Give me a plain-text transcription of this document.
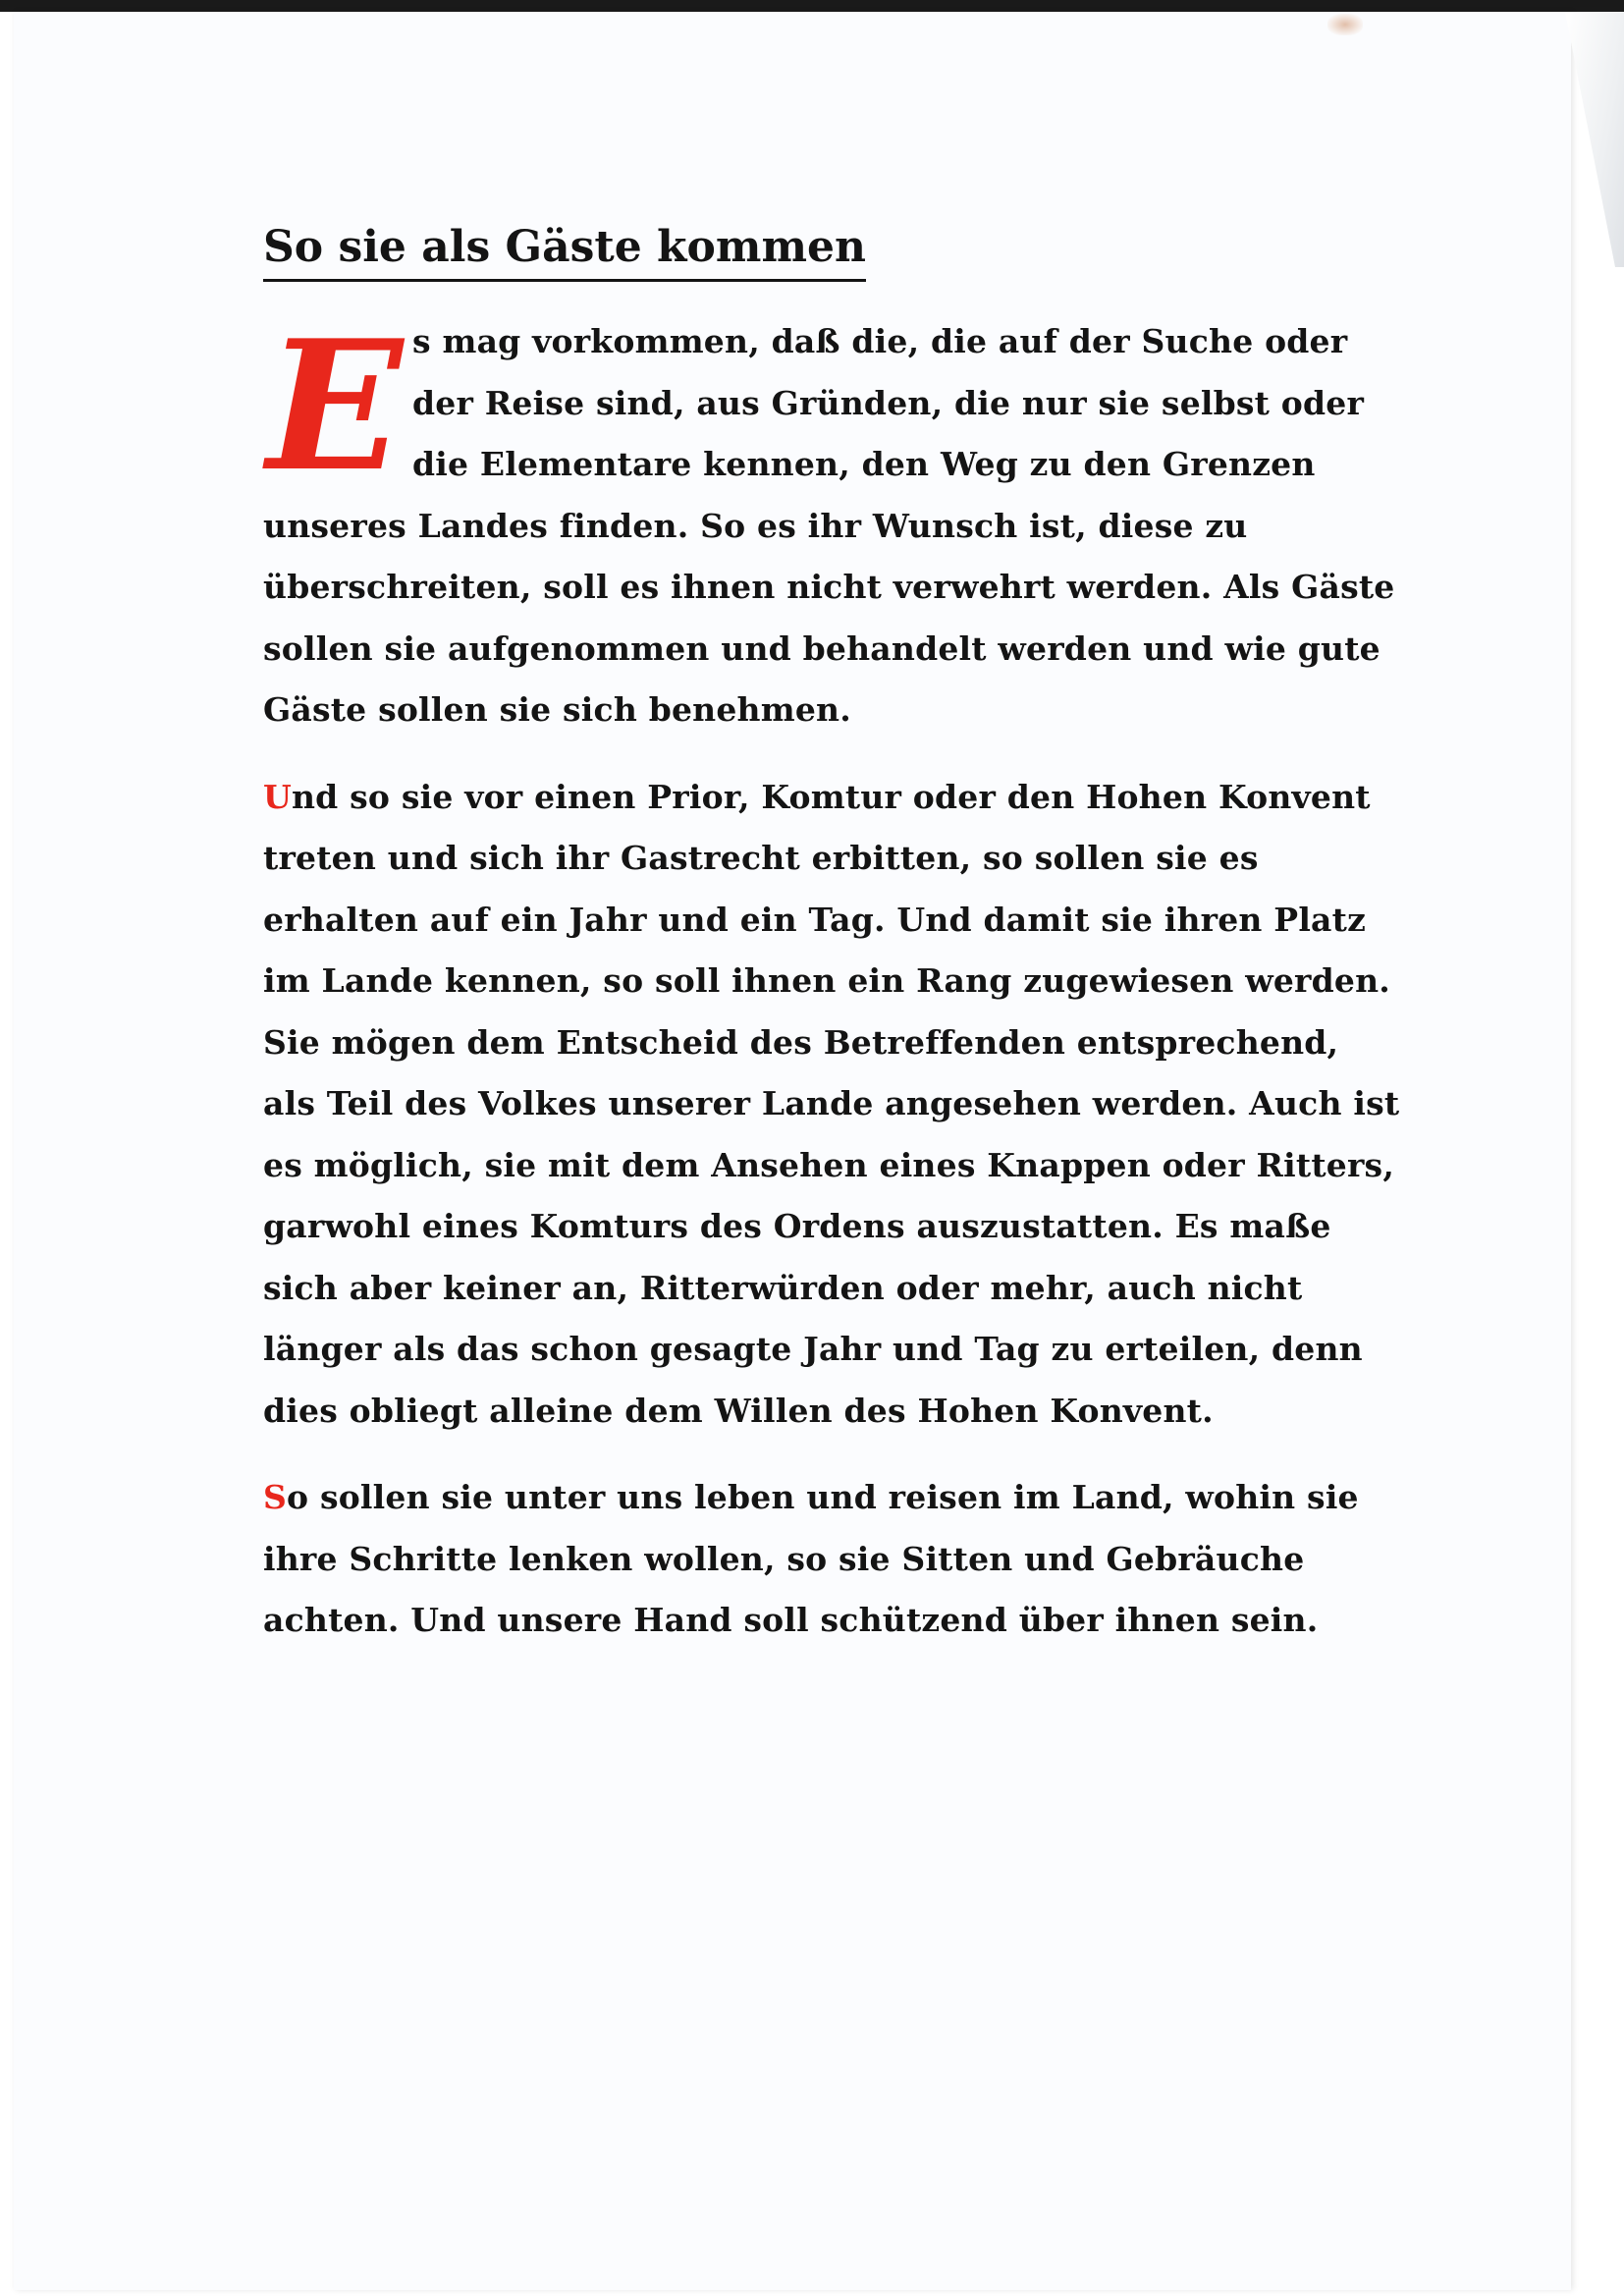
So sie als Gäste kommen

Es mag vorkommen, daß die, die auf der Suche oder der Reise sind, aus Gründen, die nur sie selbst oder die Elementare kennen, den Weg zu den Grenzen unseres Landes finden. So es ihr Wunsch ist, diese zu überschreiten, soll es ihnen nicht verwehrt werden. Als Gäste sollen sie aufgenommen und behandelt werden und wie gute Gäste sollen sie sich benehmen.

Und so sie vor einen Prior, Komtur oder den Hohen Konvent treten und sich ihr Gastrecht erbitten, so sollen sie es erhalten auf ein Jahr und ein Tag. Und damit sie ihren Platz im Lande kennen, so soll ihnen ein Rang zugewiesen werden. Sie mögen dem Entscheid des Betreffenden entsprechend, als Teil des Volkes unserer Lande angesehen werden. Auch ist es möglich, sie mit dem Ansehen eines Knappen oder Ritters, garwohl eines Komturs des Ordens auszustatten. Es maße sich aber keiner an, Ritterwürden oder mehr, auch nicht länger als das schon gesagte Jahr und Tag zu erteilen, denn dies obliegt alleine dem Willen des Hohen Konvent.

So sollen sie unter uns leben und reisen im Land, wohin sie ihre Schritte lenken wollen, so sie Sitten und Gebräuche achten. Und unsere Hand soll schützend über ihnen sein.
